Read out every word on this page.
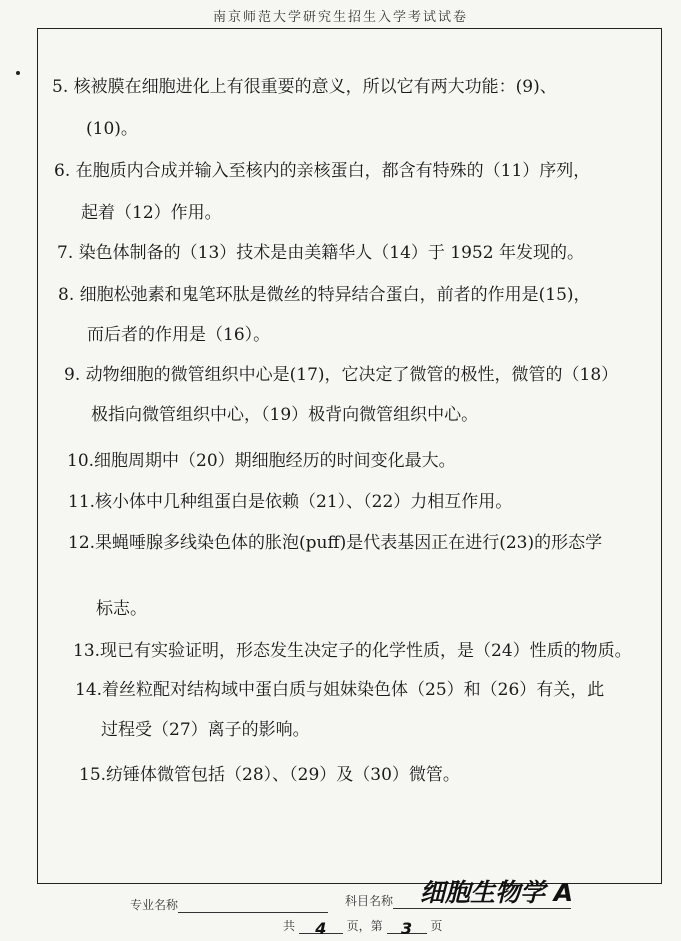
南京师范大学研究生招生入学考试试卷
5. 核被膜在细胞进化上有很重要的意义，所以它有两大功能：(9)、
(10)。
6. 在胞质内合成并输入至核内的亲核蛋白，都含有特殊的（11）序列，
起着（12）作用。
7. 染色体制备的（13）技术是由美籍华人（14）于 1952 年发现的。
8. 细胞松弛素和鬼笔环肽是微丝的特异结合蛋白，前者的作用是(15)，
而后者的作用是（16）。
9. 动物细胞的微管组织中心是(17)，它决定了微管的极性，微管的（18）
极指向微管组织中心，（19）极背向微管组织中心。
10.细胞周期中（20）期细胞经历的时间变化最大。
11.核小体中几种组蛋白是依赖（21）、（22）力相互作用。
12.果蝇唾腺多线染色体的胀泡(puff)是代表基因正在进行(23)的形态学
标志。
13.现已有实验证明，形态发生决定子的化学性质，是（24）性质的物质。
14.着丝粒配对结构域中蛋白质与姐妹染色体（25）和（26）有关，此
过程受（27）离子的影响。
15.纺锤体微管包括（28）、（29）及（30）微管。
专业名称	科目名称	细胞生物学 A
共 4 页，第 3 页
